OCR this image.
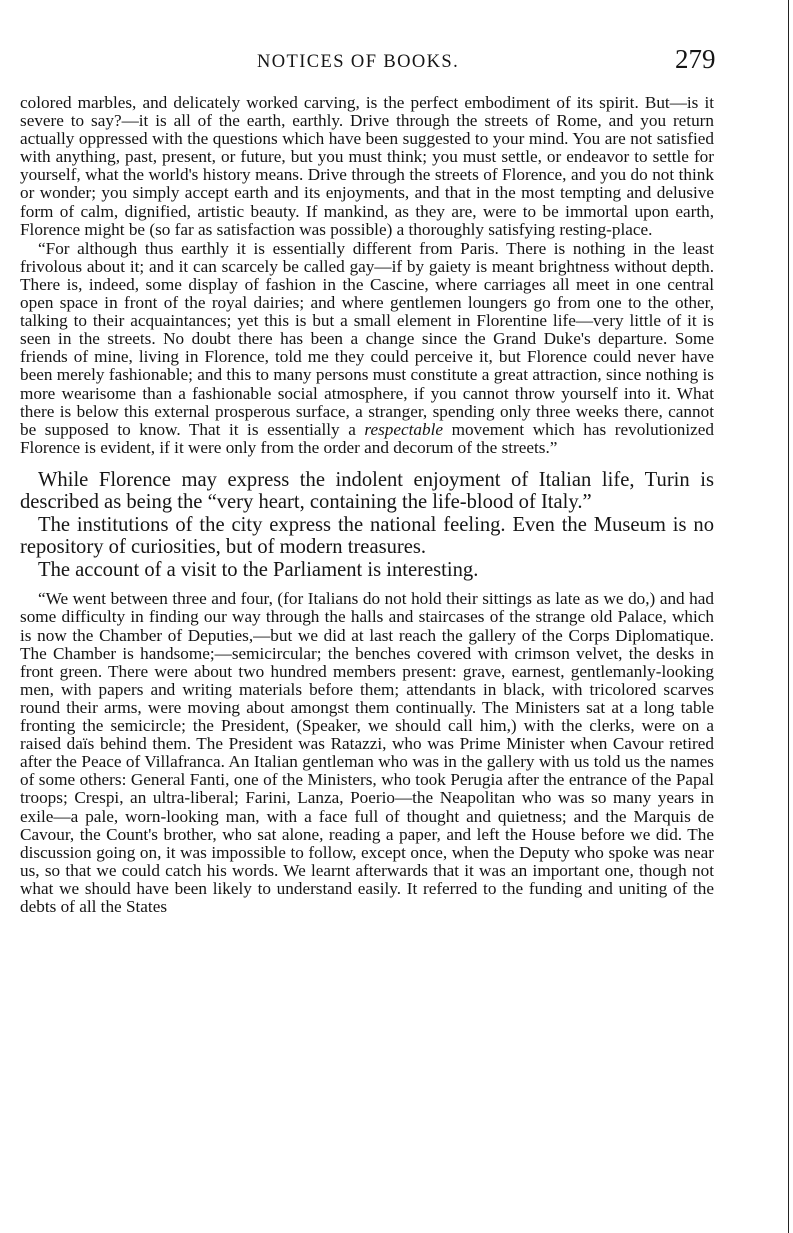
NOTICES OF BOOKS.	279

colored marbles, and delicately worked carving, is the perfect embodiment of its spirit. But—is it severe to say?—it is all of the earth, earthly. Drive through the streets of Rome, and you return actually oppressed with the questions which have been suggested to your mind. You are not satisfied with anything, past, present, or future, but you must think; you must settle, or endeavor to settle for yourself, what the world's history means. Drive through the streets of Florence, and you do not think or wonder; you simply accept earth and its enjoyments, and that in the most tempting and delusive form of calm, dignified, artistic beauty. If mankind, as they are, were to be immortal upon earth, Florence might be (so far as satisfaction was possible) a thoroughly satisfying resting-place.

“For although thus earthly it is essentially different from Paris. There is nothing in the least frivolous about it; and it can scarcely be called gay—if by gaiety is meant brightness without depth. There is, indeed, some display of fashion in the Cascine, where carriages all meet in one central open space in front of the royal dairies; and where gentlemen loungers go from one to the other, talking to their acquaintances; yet this is but a small element in Florentine life—very little of it is seen in the streets. No doubt there has been a change since the Grand Duke's departure. Some friends of mine, living in Florence, told me they could perceive it, but Florence could never have been merely fashionable; and this to many persons must constitute a great attraction, since nothing is more wearisome than a fashionable social atmosphere, if you cannot throw yourself into it. What there is below this external prosperous surface, a stranger, spending only three weeks there, cannot be supposed to know. That it is essentially a respectable movement which has revolutionized Florence is evident, if it were only from the order and decorum of the streets.”

While Florence may express the indolent enjoyment of Italian life, Turin is described as being the “very heart, containing the life-blood of Italy.”

The institutions of the city express the national feeling. Even the Museum is no repository of curiosities, but of modern treasures.

The account of a visit to the Parliament is interesting.

“We went between three and four, (for Italians do not hold their sittings as late as we do,) and had some difficulty in finding our way through the halls and staircases of the strange old Palace, which is now the Chamber of Deputies,—but we did at last reach the gallery of the Corps Diplomatique. The Chamber is handsome;—semicircular; the benches covered with crimson velvet, the desks in front green. There were about two hundred members present: grave, earnest, gentlemanly-looking men, with papers and writing materials before them; attendants in black, with tricolored scarves round their arms, were moving about amongst them continually. The Ministers sat at a long table fronting the semicircle; the President, (Speaker, we should call him,) with the clerks, were on a raised daïs behind them. The President was Ratazzi, who was Prime Minister when Cavour retired after the Peace of Villafranca. An Italian gentleman who was in the gallery with us told us the names of some others: General Fanti, one of the Ministers, who took Perugia after the entrance of the Papal troops; Crespi, an ultra-liberal; Farini, Lanza, Poerio—the Neapolitan who was so many years in exile—a pale, worn-looking man, with a face full of thought and quietness; and the Marquis de Cavour, the Count's brother, who sat alone, reading a paper, and left the House before we did. The discussion going on, it was impossible to follow, except once, when the Deputy who spoke was near us, so that we could catch his words. We learnt afterwards that it was an important one, though not what we should have been likely to understand easily. It referred to the funding and uniting of the debts of all the States
